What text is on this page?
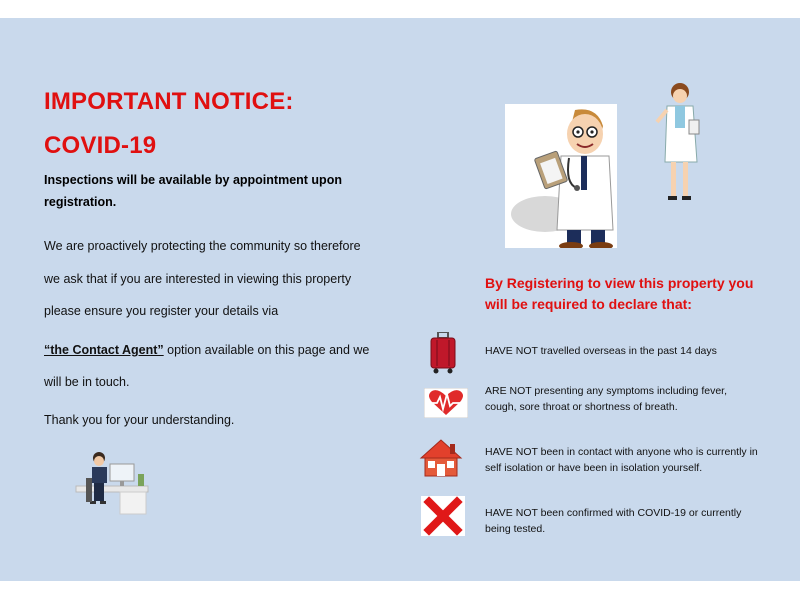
IMPORTANT NOTICE:
COVID-19
Inspections will be available by appointment upon registration.
We are proactively protecting the community so therefore
we ask that if you are interested in viewing this property
please ensure you register your details via
“the Contact Agent” option available on this page and we
will be in touch.
Thank you for your understanding.
By Registering to view this property you will be required to declare that:
HAVE NOT travelled overseas in the past 14 days
ARE NOT presenting any symptoms including fever, cough, sore throat or shortness of breath.
HAVE NOT been in contact with anyone who is currently in self isolation or have been in isolation yourself.
HAVE NOT been confirmed with COVID-19 or currently being tested.
